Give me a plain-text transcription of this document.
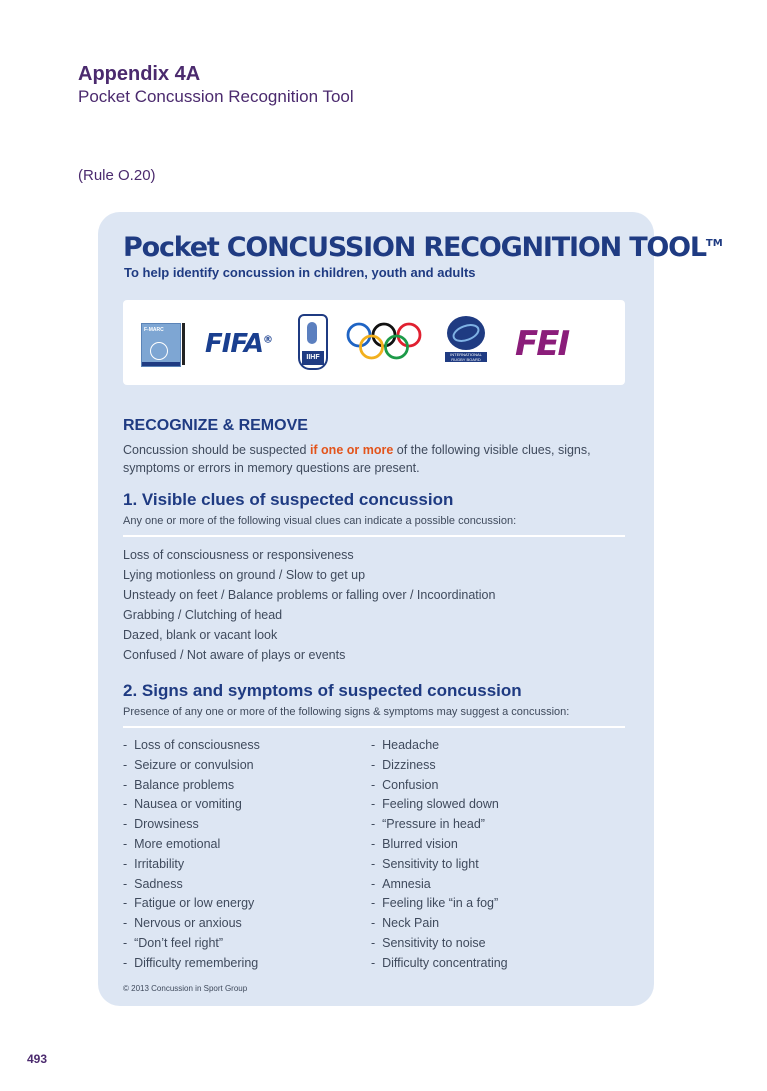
Appendix 4A
Pocket Concussion Recognition Tool
(Rule O.20)
Pocket CONCUSSION RECOGNITION TOOL™
To help identify concussion in children, youth and adults
F-MARC FIFA®
IIHF	INTERNATIONAL RUGBY BOARD FEI
RECOGNIZE & REMOVE

Concussion should be suspected if one or more of the following visible clues, signs, symptoms or errors in memory questions are present.

1. Visible clues of suspected concussion

Any one or more of the following visual clues can indicate a possible concussion:

Loss of consciousness or responsiveness
Lying motionless on ground / Slow to get up
Unsteady on feet / Balance problems or falling over / Incoordination
Grabbing / Clutching of head
Dazed, blank or vacant look
Confused / Not aware of plays or events
2. Signs and symptoms of suspected concussion

Presence of any one or more of the following signs & symptoms may suggest a concussion:

-  Loss of consciousness
-  Seizure or convulsion
-  Balance problems
-  Nausea or vomiting
-  Drowsiness
-  More emotional
-  Irritability
-  Sadness
-  Fatigue or low energy
-  Nervous or anxious
-  “Don’t feel right”
-  Difficulty remembering
-  Headache
-  Dizziness
-  Confusion
-  Feeling slowed down
-  “Pressure in head”
-  Blurred vision
-  Sensitivity to light
-  Amnesia
-  Feeling like “in a fog”
-  Neck Pain
-  Sensitivity to noise
-  Difficulty concentrating
© 2013 Concussion in Sport Group
493
